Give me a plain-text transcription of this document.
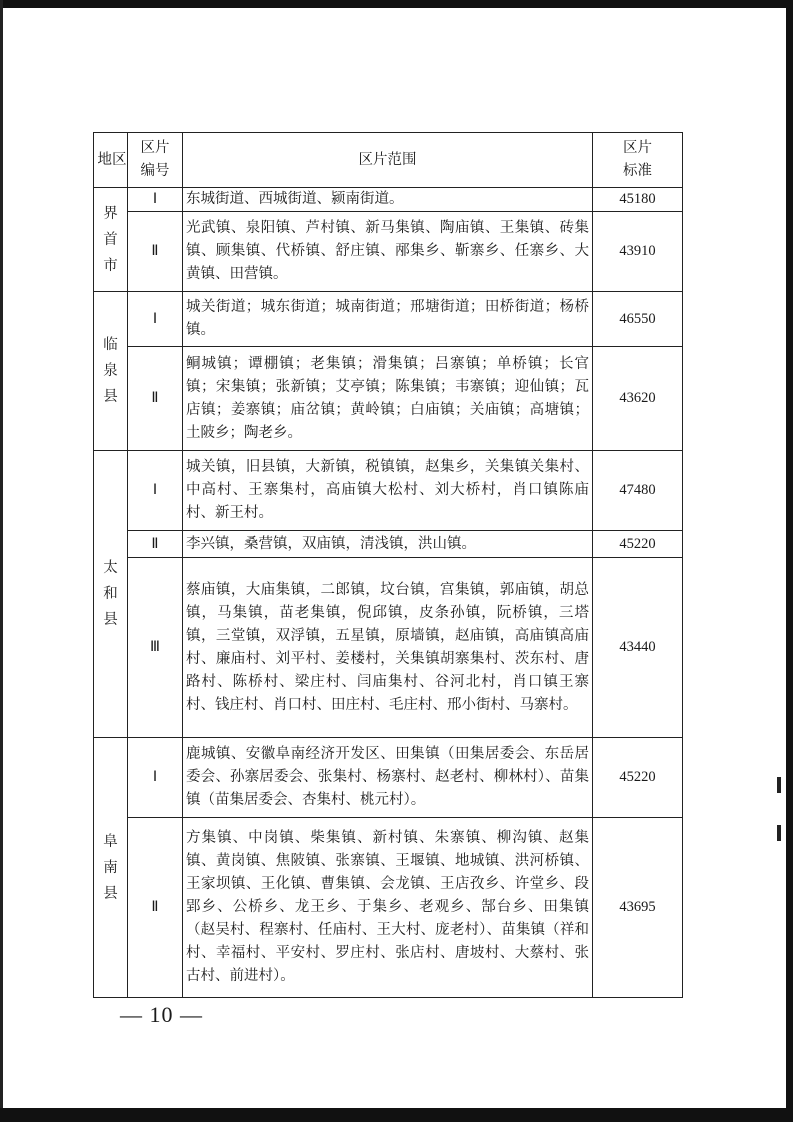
地区	区片编号	区片范围	区片标准

界首市	Ⅰ	东城街道、西城街道、颍南街道。	45180
	Ⅱ	光武镇、泉阳镇、芦村镇、新马集镇、陶庙镇、王集镇、砖集镇、顾集镇、代桥镇、舒庄镇、邴集乡、靳寨乡、任寨乡、大黄镇、田营镇。	43910

临泉县	Ⅰ	城关街道；城东街道；城南街道；邢塘街道；田桥街道；杨桥镇。	46550
	Ⅱ	鲖城镇；谭棚镇；老集镇；滑集镇；吕寨镇；单桥镇；长官镇；宋集镇；张新镇；艾亭镇；陈集镇；韦寨镇；迎仙镇；瓦店镇；姜寨镇；庙岔镇；黄岭镇；白庙镇；关庙镇；高塘镇；土陂乡；陶老乡。	43620

太和县	Ⅰ	城关镇，旧县镇，大新镇，税镇镇，赵集乡，关集镇关集村、中高村、王寨集村，高庙镇大松村、刘大桥村，肖口镇陈庙村、新王村。	47480
	Ⅱ	李兴镇，桑营镇，双庙镇，清浅镇，洪山镇。	45220
	Ⅲ	蔡庙镇，大庙集镇，二郎镇，坟台镇，宫集镇，郭庙镇，胡总镇，马集镇，苗老集镇，倪邱镇，皮条孙镇，阮桥镇，三塔镇，三堂镇，双浮镇，五星镇，原墙镇，赵庙镇，高庙镇高庙村、廉庙村、刘平村、姜楼村，关集镇胡寨集村、茨东村、唐路村、陈桥村、梁庄村、闫庙集村、谷河北村，肖口镇王寨村、钱庄村、肖口村、田庄村、毛庄村、邢小街村、马寨村。	43440

阜南县	Ⅰ	鹿城镇、安徽阜南经济开发区、田集镇（田集居委会、东岳居委会、孙寨居委会、张集村、杨寨村、赵老村、柳林村）、苗集镇（苗集居委会、杏集村、桃元村）。	45220
	Ⅱ	方集镇、中岗镇、柴集镇、新村镇、朱寨镇、柳沟镇、赵集镇、黄岗镇、焦陂镇、张寨镇、王堰镇、地城镇、洪河桥镇、王家坝镇、王化镇、曹集镇、会龙镇、王店孜乡、许堂乡、段郢乡、公桥乡、龙王乡、于集乡、老观乡、郜台乡、田集镇（赵吴村、程寨村、任庙村、王大村、庞老村）、苗集镇（祥和村、幸福村、平安村、罗庄村、张店村、唐坡村、大蔡村、张古村、前进村）。	43695
— 10 —
